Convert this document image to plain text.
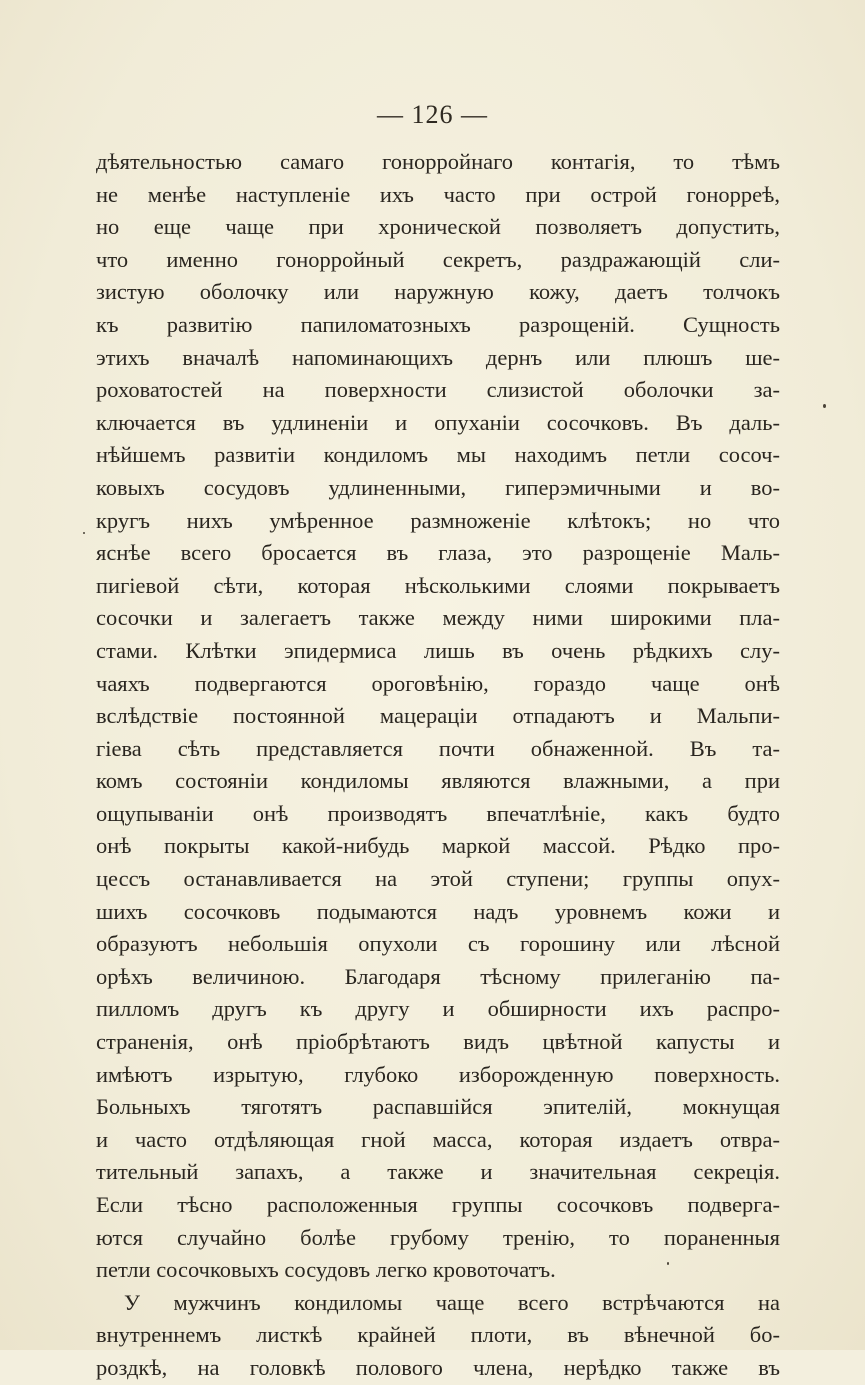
— 126 —
дѣятельностью самаго гонорройнаго контагія, то тѣмъ
не менѣе наступленіе ихъ часто при острой гонорреѣ,
но еще чаще при хронической позволяетъ допустить,
что именно гонорройный секретъ, раздражающій сли-
зистую оболочку или наружную кожу, даетъ толчокъ
къ развитію папиломатозныхъ разрощеній. Сущность
этихъ вначалѣ напоминающихъ дернъ или плюшъ ше-
роховатостей на поверхности слизистой оболочки за-
ключается въ удлиненіи и опуханіи сосочковъ. Въ даль-
нѣйшемъ развитіи кондиломъ мы находимъ петли сосоч-
ковыхъ сосудовъ удлиненными, гиперэмичными и во-
кругъ нихъ умѣренное размноженіе клѣтокъ; но что
яснѣе всего бросается въ глаза, это разрощеніе Маль-
пигіевой сѣти, которая нѣсколькими слоями покрываетъ
сосочки и залегаетъ также между ними широкими пла-
стами. Клѣтки эпидермиса лишь въ очень рѣдкихъ слу-
чаяхъ подвергаются ороговѣнію, гораздо чаще онѣ
вслѣдствіе постоянной мацераціи отпадаютъ и Мальпи-
гіева сѣть представляется почти обнаженной. Въ та-
комъ состояніи кондиломы являются влажными, а при
ощупываніи онѣ производятъ впечатлѣніе, какъ будто
онѣ покрыты какой-нибудь маркой массой. Рѣдко про-
цессъ останавливается на этой ступени; группы опух-
шихъ сосочковъ подымаются надъ уровнемъ кожи и
образуютъ небольшія опухоли съ горошину или лѣсной
орѣхъ величиною. Благодаря тѣсному прилеганію па-
пилломъ другъ къ другу и обширности ихъ распро-
страненія, онѣ пріобрѣтаютъ видъ цвѣтной капусты и
имѣютъ изрытую, глубоко изборожденную поверхность.
Больныхъ тяготятъ распавшійся эпителій, мокнущая
и часто отдѣляющая гной масса, которая издаетъ отвра-
тительный запахъ, а также и значительная секреція.
Если тѣсно расположенныя группы сосочковъ подверга-
ются случайно болѣе грубому тренію, то пораненныя
петли сосочковыхъ сосудовъ легко кровоточатъ.
У мужчинъ кондиломы чаще всего встрѣчаются на
внутреннемъ листкѣ крайней плоти, въ вѣнечной бо-
роздкѣ, на головкѣ полового члена, нерѣдко также въ
